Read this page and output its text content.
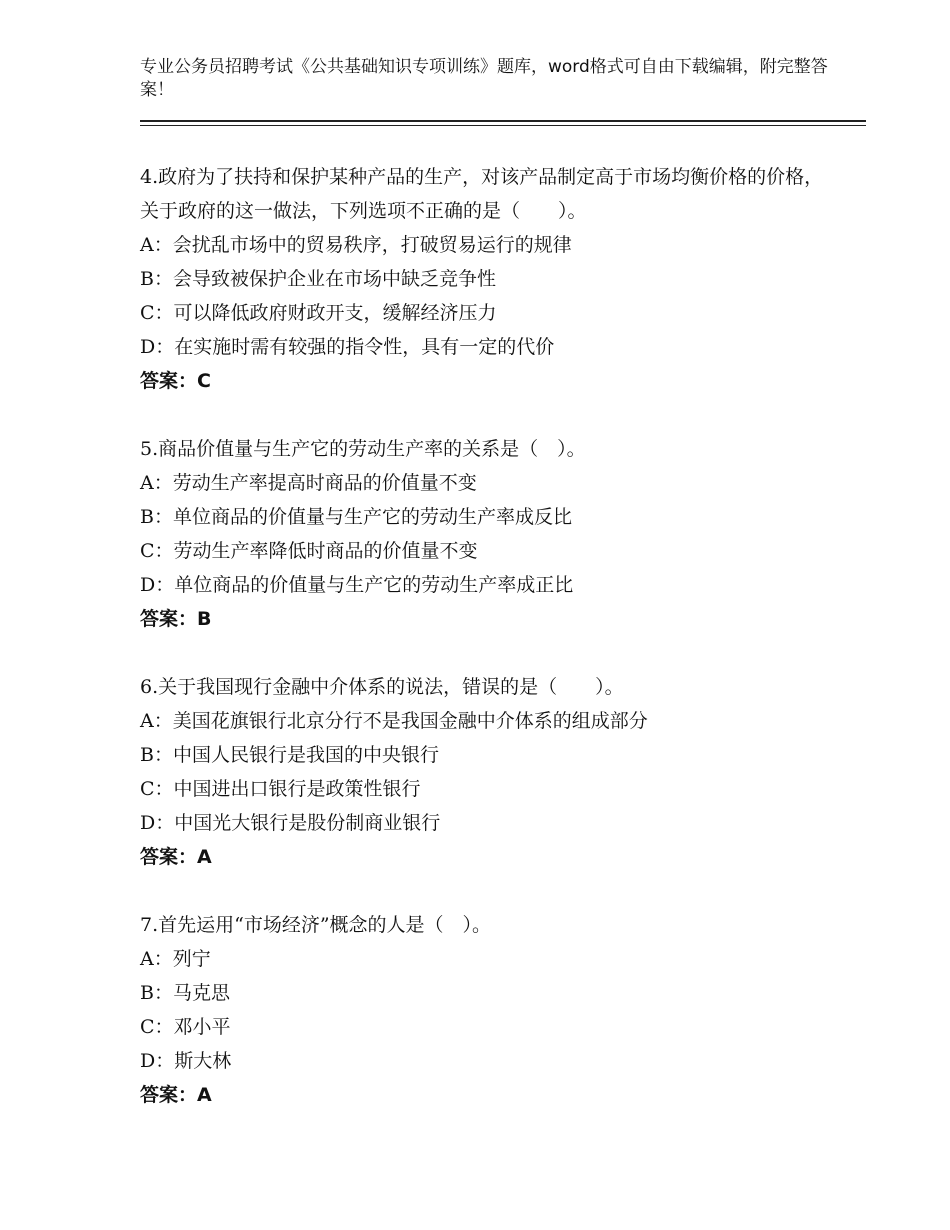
专业公务员招聘考试《公共基础知识专项训练》题库，word格式可自由下载编辑，附完整答案！
4.政府为了扶持和保护某种产品的生产，对该产品制定高于市场均衡价格的价格，关于政府的这一做法，下列选项不正确的是（　　）。
A：会扰乱市场中的贸易秩序，打破贸易运行的规律
B：会导致被保护企业在市场中缺乏竞争性
C：可以降低政府财政开支，缓解经济压力
D：在实施时需有较强的指令性，具有一定的代价
答案：C
5.商品价值量与生产它的劳动生产率的关系是（　）。
A：劳动生产率提高时商品的价值量不变
B：单位商品的价值量与生产它的劳动生产率成反比
C：劳动生产率降低时商品的价值量不变
D：单位商品的价值量与生产它的劳动生产率成正比
答案：B
6.关于我国现行金融中介体系的说法，错误的是（　　）。
A：美国花旗银行北京分行不是我国金融中介体系的组成部分
B：中国人民银行是我国的中央银行
C：中国进出口银行是政策性银行
D：中国光大银行是股份制商业银行
答案：A
7.首先运用“市场经济”概念的人是（　）。
A：列宁
B：马克思
C：邓小平
D：斯大林
答案：A
